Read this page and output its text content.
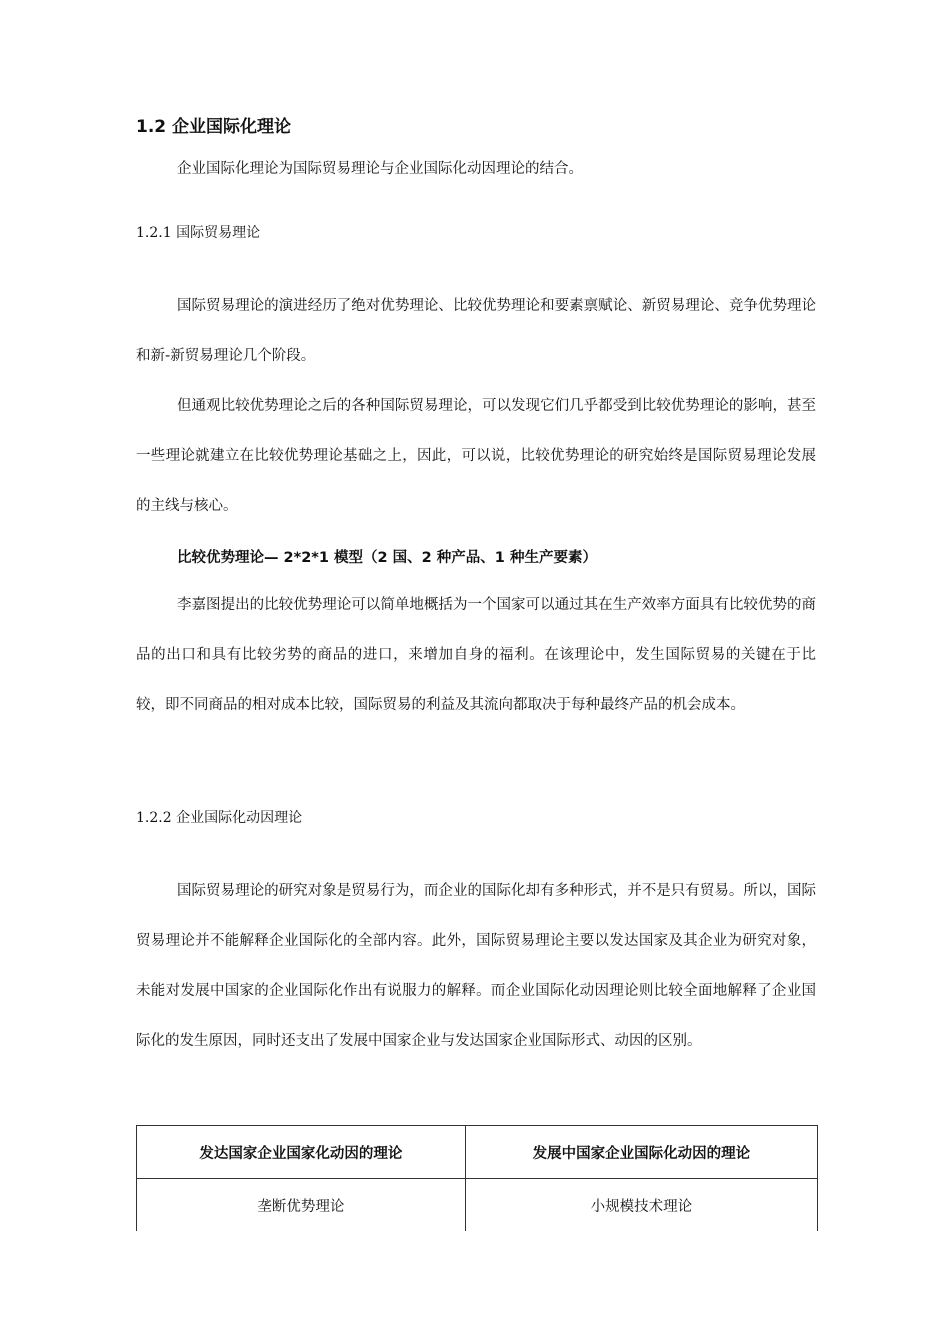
1.2 企业国际化理论

企业国际化理论为国际贸易理论与企业国际化动因理论的结合。

1.2.1 国际贸易理论

国际贸易理论的演进经历了绝对优势理论、比较优势理论和要素禀赋论、新贸易理论、竞争优势理论和新-新贸易理论几个阶段。

但通观比较优势理论之后的各种国际贸易理论，可以发现它们几乎都受到比较优势理论的影响，甚至一些理论就建立在比较优势理论基础之上，因此，可以说，比较优势理论的研究始终是国际贸易理论发展的主线与核心。

比较优势理论— 2*2*1 模型（2 国、2 种产品、1 种生产要素）

李嘉图提出的比较优势理论可以简单地概括为一个国家可以通过其在生产效率方面具有比较优势的商品的出口和具有比较劣势的商品的进口，来增加自身的福利。在该理论中，发生国际贸易的关键在于比较，即不同商品的相对成本比较，国际贸易的利益及其流向都取决于每种最终产品的机会成本。

1.2.2 企业国际化动因理论

国际贸易理论的研究对象是贸易行为，而企业的国际化却有多种形式，并不是只有贸易。所以，国际贸易理论并不能解释企业国际化的全部内容。此外，国际贸易理论主要以发达国家及其企业为研究对象，未能对发展中国家的企业国际化作出有说服力的解释。而企业国际化动因理论则比较全面地解释了企业国际化的发生原因，同时还支出了发展中国家企业与发达国家企业国际形式、动因的区别。

发达国家企业国家化动因的理论	发展中国家企业国际化动因的理论
垄断优势理论	小规模技术理论
